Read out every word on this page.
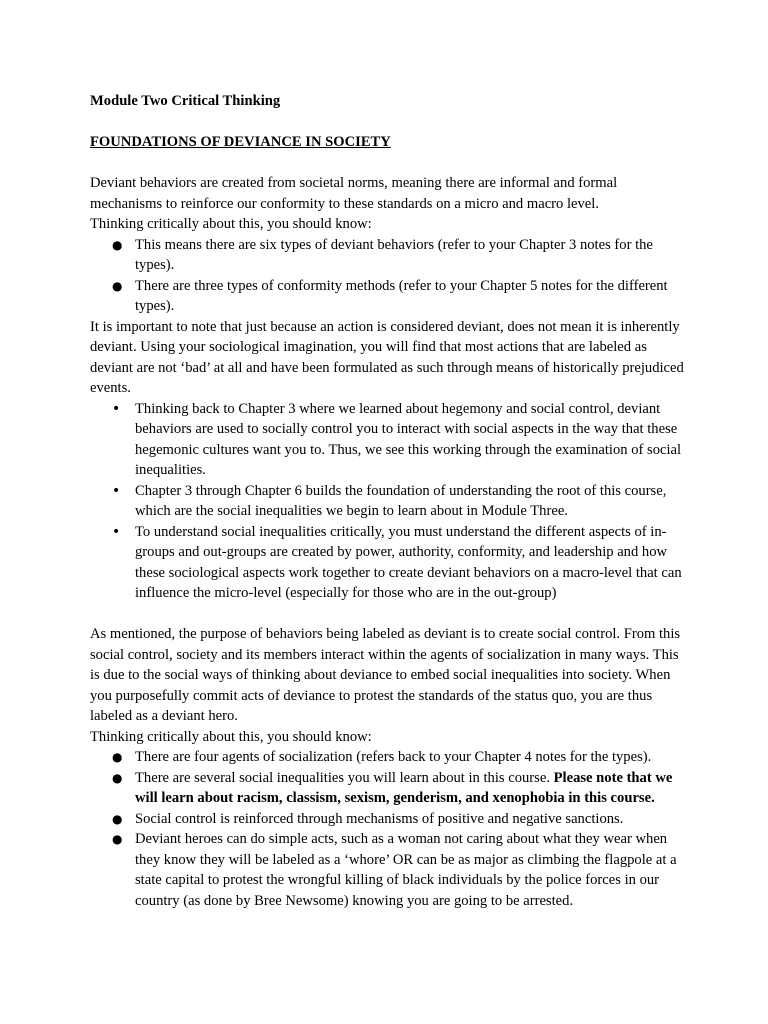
Module Two Critical Thinking

FOUNDATIONS OF DEVIANCE IN SOCIETY

Deviant behaviors are created from societal norms, meaning there are informal and formal mechanisms to reinforce our conformity to these standards on a micro and macro level.

Thinking critically about this, you should know:

● This means there are six types of deviant behaviors (refer to your Chapter 3 notes for the types).
● There are three types of conformity methods (refer to your Chapter 5 notes for the different types).

It is important to note that just because an action is considered deviant, does not mean it is inherently deviant. Using your sociological imagination, you will find that most actions that are labeled as deviant are not ‘bad’ at all and have been formulated as such through means of historically prejudiced events.

• Thinking back to Chapter 3 where we learned about hegemony and social control, deviant behaviors are used to socially control you to interact with social aspects in the way that these hegemonic cultures want you to. Thus, we see this working through the examination of social inequalities.
• Chapter 3 through Chapter 6 builds the foundation of understanding the root of this course, which are the social inequalities we begin to learn about in Module Three.
• To understand social inequalities critically, you must understand the different aspects of in-groups and out-groups are created by power, authority, conformity, and leadership and how these sociological aspects work together to create deviant behaviors on a macro-level that can influence the micro-level (especially for those who are in the out-group)

As mentioned, the purpose of behaviors being labeled as deviant is to create social control. From this social control, society and its members interact within the agents of socialization in many ways. This is due to the social ways of thinking about deviance to embed social inequalities into society. When you purposefully commit acts of deviance to protest the standards of the status quo, you are thus labeled as a deviant hero.

Thinking critically about this, you should know:

● There are four agents of socialization (refers back to your Chapter 4 notes for the types).
● There are several social inequalities you will learn about in this course. Please note that we will learn about racism, classism, sexism, genderism, and xenophobia in this course.
● Social control is reinforced through mechanisms of positive and negative sanctions.
● Deviant heroes can do simple acts, such as a woman not caring about what they wear when they know they will be labeled as a ‘whore’ OR can be as major as climbing the flagpole at a state capital to protest the wrongful killing of black individuals by the police forces in our country (as done by Bree Newsome) knowing you are going to be arrested.
